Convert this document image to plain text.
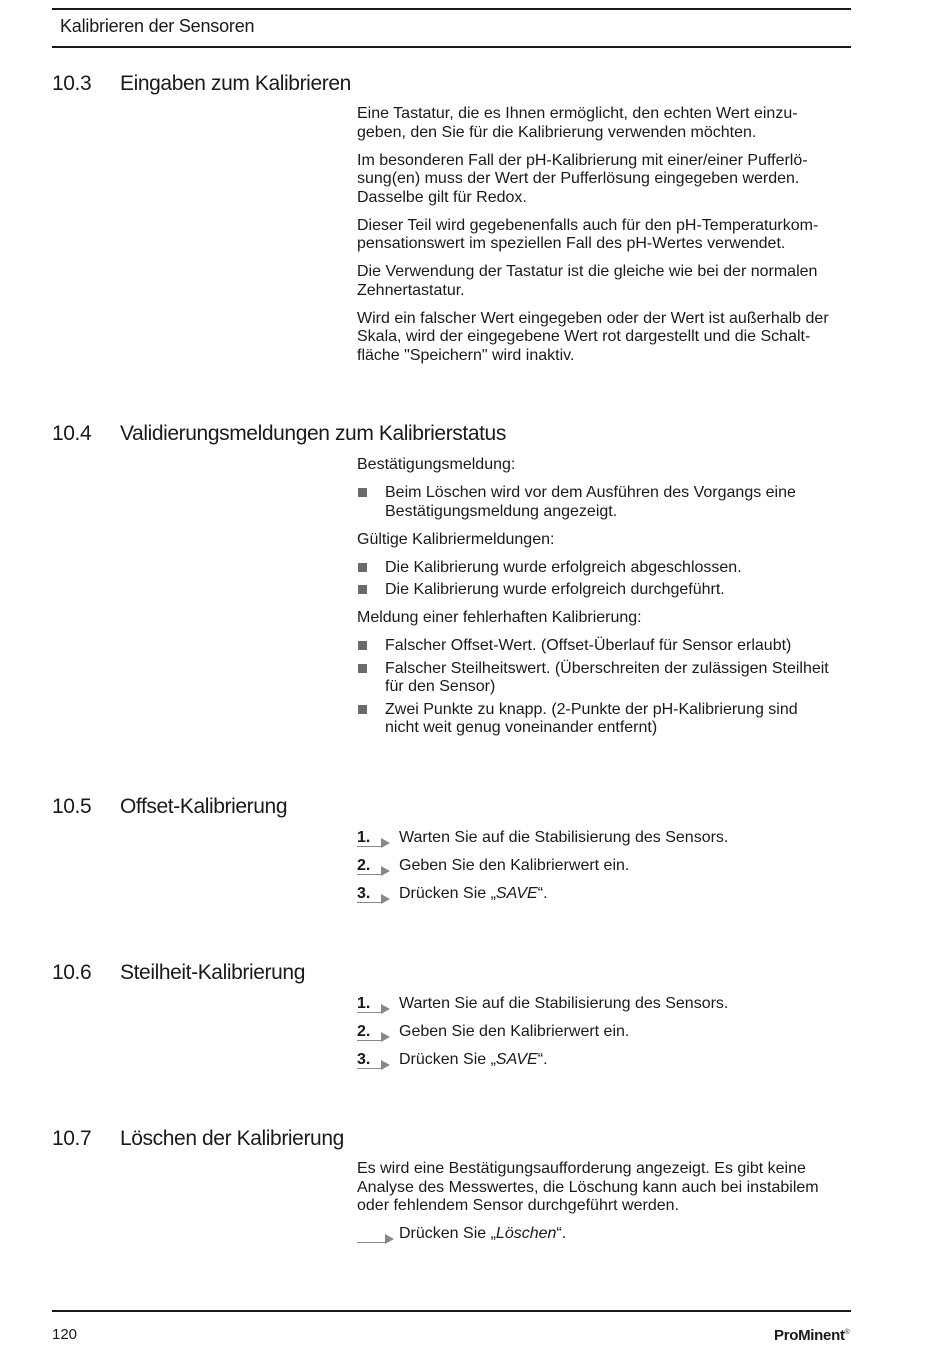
Kalibrieren der Sensoren
10.3 Eingaben zum Kalibrieren

Eine Tastatur, die es Ihnen ermöglicht, den echten Wert einzu-
geben, den Sie für die Kalibrierung verwenden möchten.

Im besonderen Fall der pH-Kalibrierung mit einer/einer Pufferlö-
sung(en) muss der Wert der Pufferlösung eingegeben werden.
Dasselbe gilt für Redox.

Dieser Teil wird gegebenenfalls auch für den pH-Temperaturkom-
pensationswert im speziellen Fall des pH-Wertes verwendet.

Die Verwendung der Tastatur ist die gleiche wie bei der normalen
Zehnertastatur.

Wird ein falscher Wert eingegeben oder der Wert ist außerhalb der
Skala, wird der eingegebene Wert rot dargestellt und die Schalt-
fläche "Speichern" wird inaktiv.

10.4 Validierungsmeldungen zum Kalibrierstatus

Bestätigungsmeldung:

Beim Löschen wird vor dem Ausführen des Vorgangs eine
Bestätigungsmeldung angezeigt.

Gültige Kalibriermeldungen:

Die Kalibrierung wurde erfolgreich abgeschlossen.
Die Kalibrierung wurde erfolgreich durchgeführt.

Meldung einer fehlerhaften Kalibrierung:

Falscher Offset-Wert. (Offset-Überlauf für Sensor erlaubt)
Falscher Steilheitswert. (Überschreiten der zulässigen Steilheit
für den Sensor)
Zwei Punkte zu knapp. (2-Punkte der pH-Kalibrierung sind
nicht weit genug voneinander entfernt)
10.5 Offset-Kalibrierung
1. Warten Sie auf die Stabilisierung des Sensors.
2. Geben Sie den Kalibrierwert ein.
3. Drücken Sie „SAVE“.
10.6 Steilheit-Kalibrierung
1. Warten Sie auf die Stabilisierung des Sensors.
2. Geben Sie den Kalibrierwert ein.
3. Drücken Sie „SAVE“.
10.7 Löschen der Kalibrierung

Es wird eine Bestätigungsaufforderung angezeigt. Es gibt keine
Analyse des Messwertes, die Löschung kann auch bei instabilem
oder fehlendem Sensor durchgeführt werden.

Drücken Sie „Löschen“.
120	ProMinent®
